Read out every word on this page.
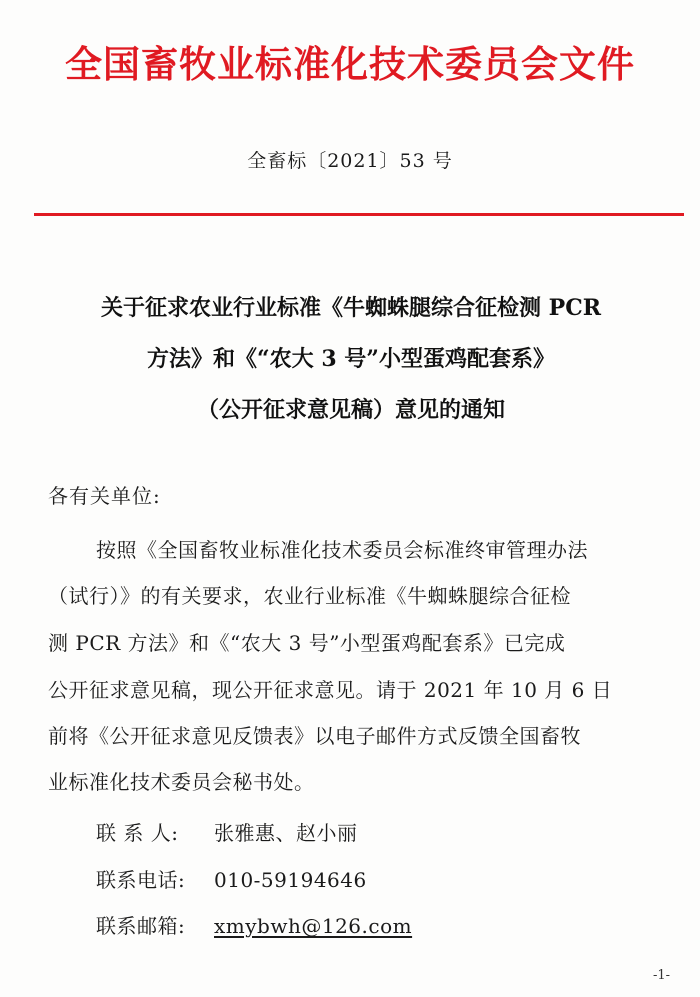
全国畜牧业标准化技术委员会文件
全畜标〔2021〕53 号
关于征求农业行业标准《牛蜘蛛腿综合征检测 PCR
方法》和《“农大 3 号”小型蛋鸡配套系》
（公开征求意见稿）意见的通知
各有关单位:
按照《全国畜牧业标准化技术委员会标准终审管理办法
（试行）》的有关要求，农业行业标准《牛蜘蛛腿综合征检
测 PCR 方法》和《“农大 3 号”小型蛋鸡配套系》已完成
公开征求意见稿，现公开征求意见。请于 2021 年 10 月 6 日
前将《公开征求意见反馈表》以电子邮件方式反馈全国畜牧
业标准化技术委员会秘书处。
联 系 人: 张雅惠、赵小丽
联系电话: 010-59194646
联系邮箱: xmybwh@126.com
-1-
